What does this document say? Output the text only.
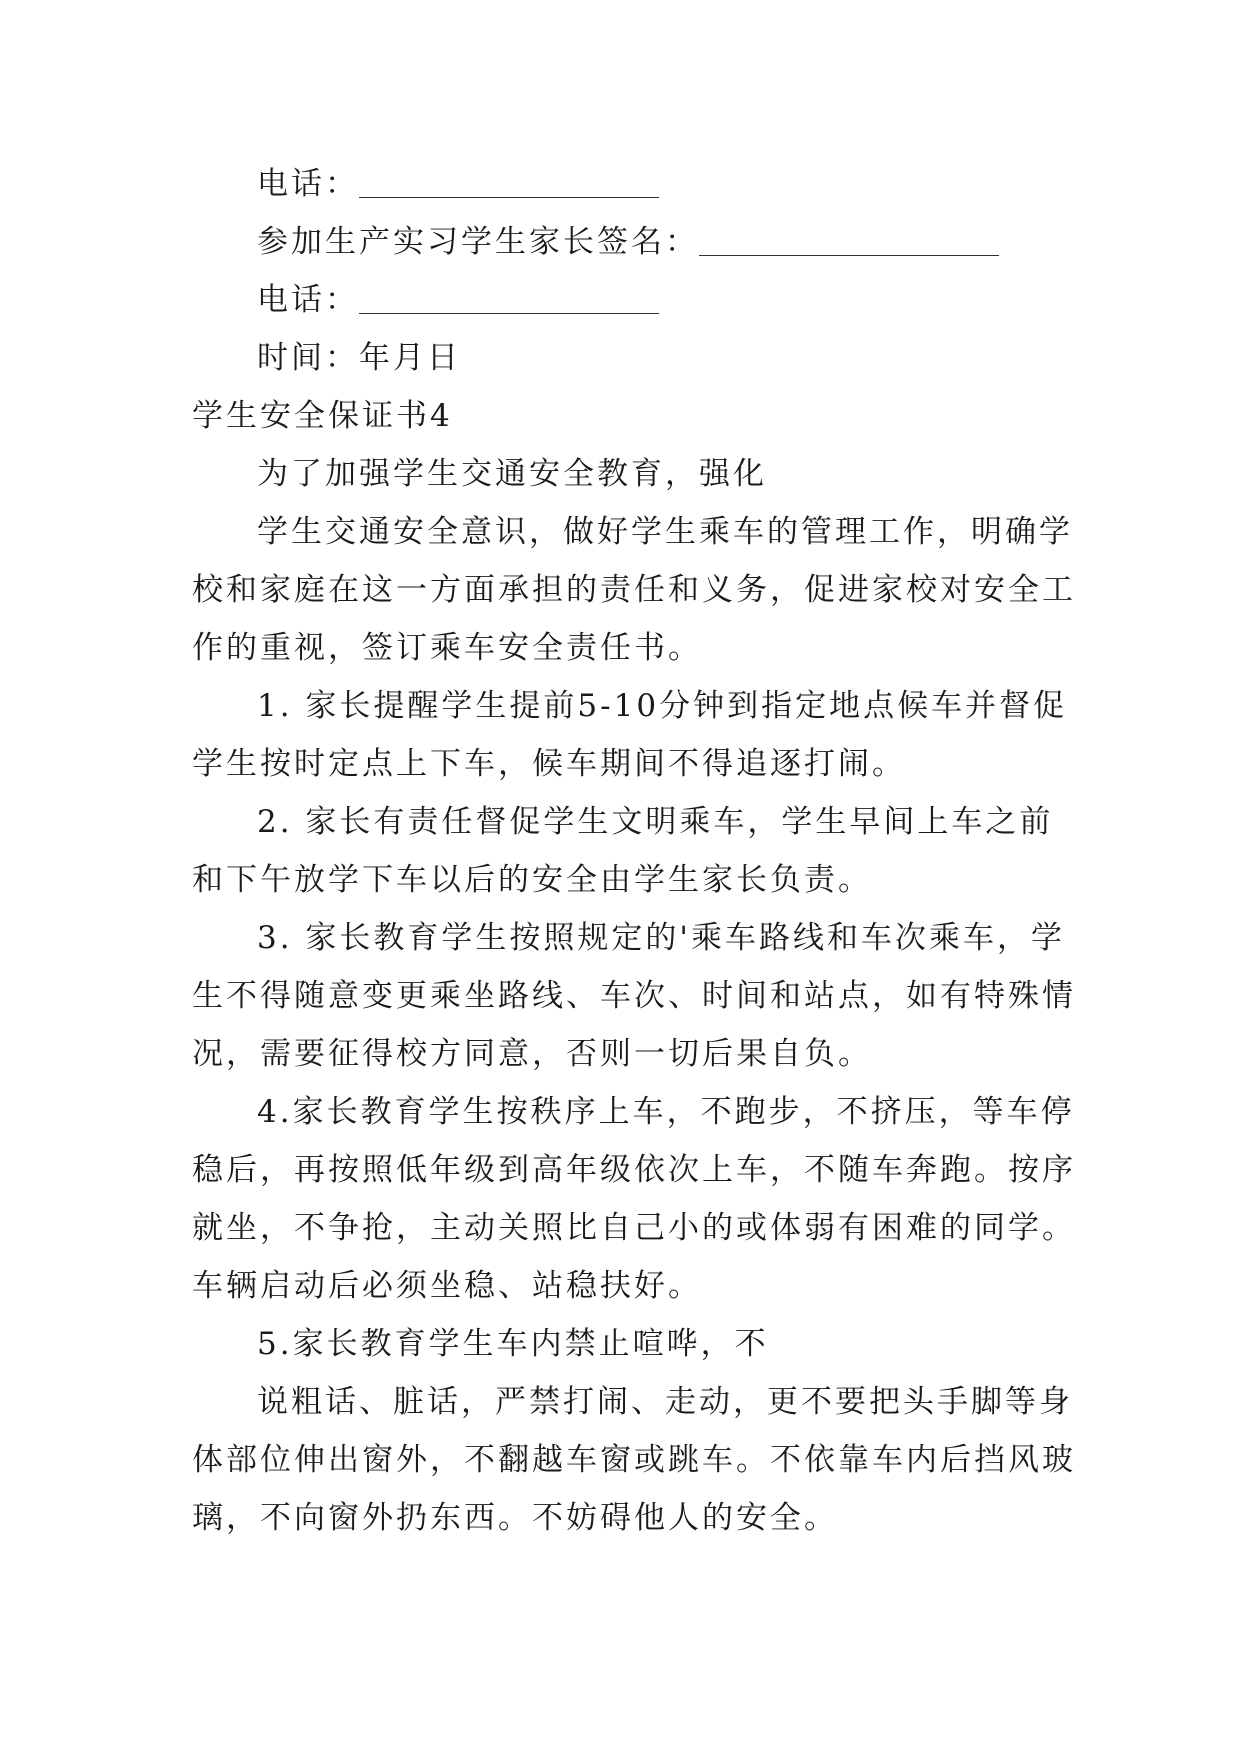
电话：
参加生产实习学生家长签名：
电话：
时间：年月日
学生安全保证书4
为了加强学生交通安全教育，强化
学生交通安全意识，做好学生乘车的管理工作，明确学
校和家庭在这一方面承担的责任和义务，促进家校对安全工
作的重视，签订乘车安全责任书。
1. 家长提醒学生提前5-10分钟到指定地点候车并督促
学生按时定点上下车，候车期间不得追逐打闹。
2. 家长有责任督促学生文明乘车，学生早间上车之前
和下午放学下车以后的安全由学生家长负责。
3. 家长教育学生按照规定的'乘车路线和车次乘车，学
生不得随意变更乘坐路线、车次、时间和站点，如有特殊情
况，需要征得校方同意，否则一切后果自负。
4.家长教育学生按秩序上车，不跑步，不挤压，等车停
稳后，再按照低年级到高年级依次上车，不随车奔跑。按序
就坐，不争抢，主动关照比自己小的或体弱有困难的同学。
车辆启动后必须坐稳、站稳扶好。
5.家长教育学生车内禁止喧哗，不
说粗话、脏话，严禁打闹、走动，更不要把头手脚等身
体部位伸出窗外，不翻越车窗或跳车。不依靠车内后挡风玻
璃，不向窗外扔东西。不妨碍他人的安全。
